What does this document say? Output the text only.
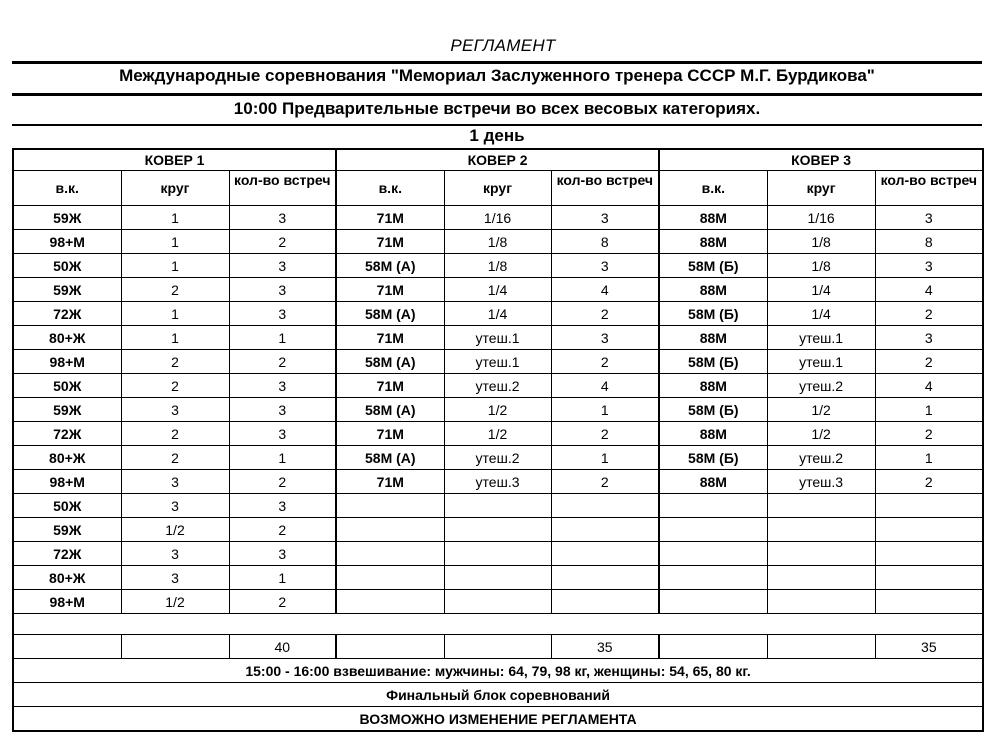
РЕГЛАМЕНТ
Международные соревнования "Мемориал Заслуженного тренера СССР М.Г. Бурдикова"
10:00 Предварительные встречи во всех весовых категориях.
1 день
КОВЕР 1			КОВЕР 2			КОВЕР 3		
в.к.	круг	кол-во встреч	в.к.	круг	кол-во встреч	в.к.	круг	кол-во встреч
59Ж	1	3	71М	1/16	3	88М	1/16	3
98+М	1	2	71М	1/8	8	88М	1/8	8
50Ж	1	3	58М (А)	1/8	3	58М (Б)	1/8	3
59Ж	2	3	71М	1/4	4	88М	1/4	4
72Ж	1	3	58М (А)	1/4	2	58М (Б)	1/4	2
80+Ж	1	1	71М	утеш.1	3	88М	утеш.1	3
98+М	2	2	58М (А)	утеш.1	2	58М (Б)	утеш.1	2
50Ж	2	3	71М	утеш.2	4	88М	утеш.2	4
59Ж	3	3	58М (А)	1/2	1	58М (Б)	1/2	1
72Ж	2	3	71М	1/2	2	88М	1/2	2
80+Ж	2	1	58М (А)	утеш.2	1	58М (Б)	утеш.2	1
98+М	3	2	71М	утеш.3	2	88М	утеш.3	2
50Ж	3	3						
59Ж	1/2	2						
72Ж	3	3						
80+Ж	3	1						
98+М	1/2	2						

		40			35			35
15:00 - 16:00 взвешивание: мужчины: 64, 79, 98 кг, женщины: 54, 65, 80 кг.								
Финальный блок соревнований								
ВОЗМОЖНО ИЗМЕНЕНИЕ РЕГЛАМЕНТА								
